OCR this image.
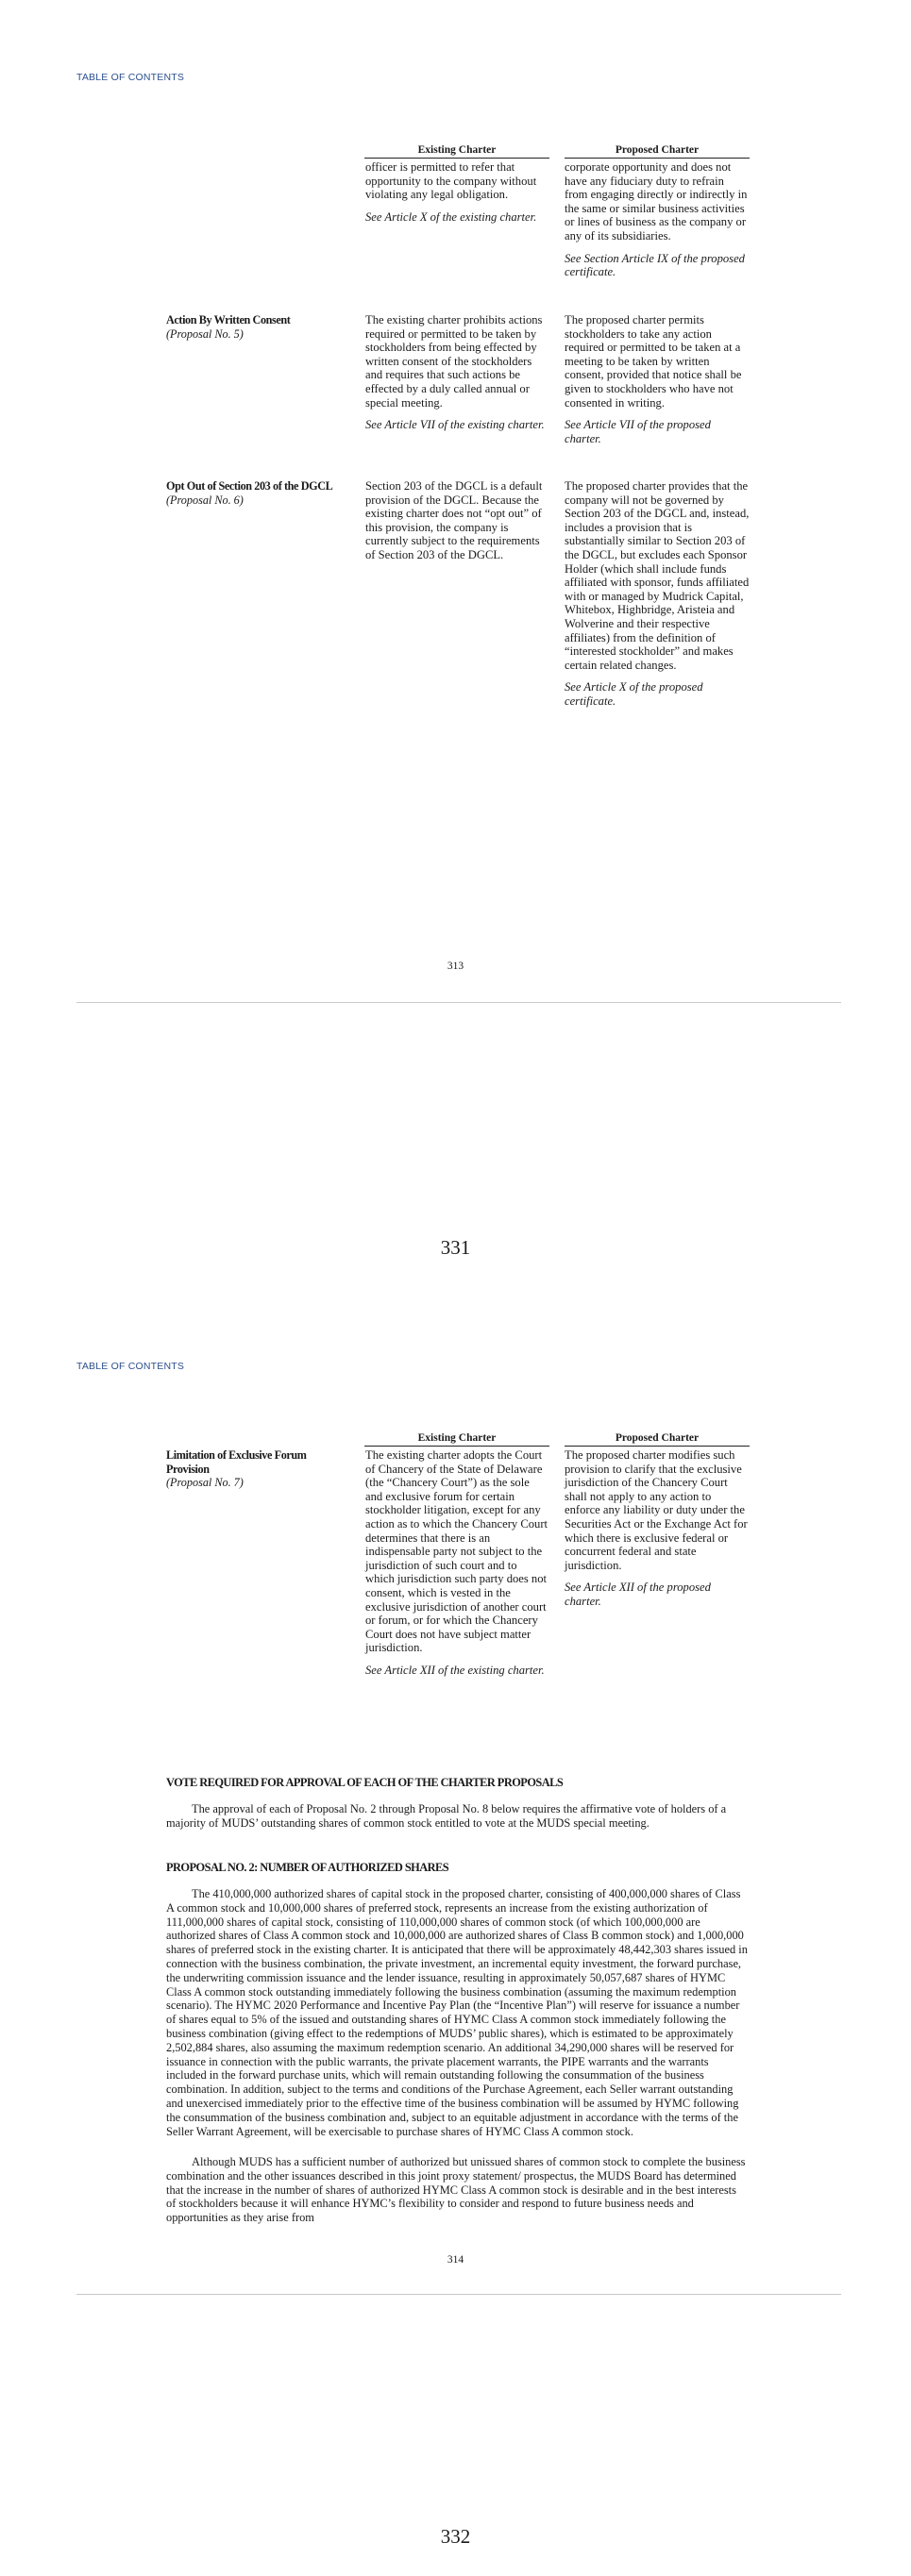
TABLE OF CONTENTS
Existing Charter	Proposed Charter

officer is permitted to refer that opportunity to the company without violating any legal obligation.

See Article X of the existing charter.

corporate opportunity and does not have any fiduciary duty to refrain from engaging directly or indirectly in the same or similar business activities or lines of business as the company or any of its subsidiaries.

See Section Article IX of the proposed certificate.

Action By Written Consent
(Proposal No. 5)

The existing charter prohibits actions required or permitted to be taken by stockholders from being effected by written consent of the stockholders and requires that such actions be effected by a duly called annual or special meeting.

See Article VII of the existing charter.

The proposed charter permits stockholders to take any action required or permitted to be taken at a meeting to be taken by written consent, provided that notice shall be given to stockholders who have not consented in writing.

See Article VII of the proposed charter.

Opt Out of Section 203 of the DGCL
(Proposal No. 6)

Section 203 of the DGCL is a default provision of the DGCL. Because the existing charter does not “opt out” of this provision, the company is currently subject to the requirements of Section 203 of the DGCL.

The proposed charter provides that the company will not be governed by Section 203 of the DGCL and, instead, includes a provision that is substantially similar to Section 203 of the DGCL, but excludes each Sponsor Holder (which shall include funds affiliated with sponsor, funds affiliated with or managed by Mudrick Capital, Whitebox, Highbridge, Aristeia and Wolverine and their respective affiliates) from the definition of “interested stockholder” and makes certain related changes.

See Article X of the proposed certificate.

313
331
TABLE OF CONTENTS
Existing Charter	Proposed Charter
Limitation of Exclusive Forum Provision
(Proposal No. 7)

The existing charter adopts the Court of Chancery of the State of Delaware (the “Chancery Court”) as the sole and exclusive forum for certain stockholder litigation, except for any action as to which the Chancery Court determines that there is an indispensable party not subject to the jurisdiction of such court and to which jurisdiction such party does not consent, which is vested in the exclusive jurisdiction of another court or forum, or for which the Chancery Court does not have subject matter jurisdiction.

See Article XII of the existing charter.

The proposed charter modifies such provision to clarify that the exclusive jurisdiction of the Chancery Court shall not apply to any action to enforce any liability or duty under the Securities Act or the Exchange Act for which there is exclusive federal or concurrent federal and state jurisdiction.

See Article XII of the proposed charter.

VOTE REQUIRED FOR APPROVAL OF EACH OF THE CHARTER PROPOSALS

The approval of each of Proposal No. 2 through Proposal No. 8 below requires the affirmative vote of holders of a majority of MUDS’ outstanding shares of common stock entitled to vote at the MUDS special meeting.

PROPOSAL NO. 2: NUMBER OF AUTHORIZED SHARES

The 410,000,000 authorized shares of capital stock in the proposed charter, consisting of 400,000,000 shares of Class A common stock and 10,000,000 shares of preferred stock, represents an increase from the existing authorization of 111,000,000 shares of capital stock, consisting of 110,000,000 shares of common stock (of which 100,000,000 are authorized shares of Class A common stock and 10,000,000 are authorized shares of Class B common stock) and 1,000,000 shares of preferred stock in the existing charter. It is anticipated that there will be approximately 48,442,303 shares issued in connection with the business combination, the private investment, an incremental equity investment, the forward purchase, the underwriting commission issuance and the lender issuance, resulting in approximately 50,057,687 shares of HYMC Class A common stock outstanding immediately following the business combination (assuming the maximum redemption scenario). The HYMC 2020 Performance and Incentive Pay Plan (the “Incentive Plan”) will reserve for issuance a number of shares equal to 5% of the issued and outstanding shares of HYMC Class A common stock immediately following the business combination (giving effect to the redemptions of MUDS’ public shares), which is estimated to be approximately 2,502,884 shares, also assuming the maximum redemption scenario. An additional 34,290,000 shares will be reserved for issuance in connection with the public warrants, the private placement warrants, the PIPE warrants and the warrants included in the forward purchase units, which will remain outstanding following the consummation of the business combination. In addition, subject to the terms and conditions of the Purchase Agreement, each Seller warrant outstanding and unexercised immediately prior to the effective time of the business combination will be assumed by HYMC following the consummation of the business combination and, subject to an equitable adjustment in accordance with the terms of the Seller Warrant Agreement, will be exercisable to purchase shares of HYMC Class A common stock.

Although MUDS has a sufficient number of authorized but unissued shares of common stock to complete the business combination and the other issuances described in this joint proxy statement/ prospectus, the MUDS Board has determined that the increase in the number of shares of authorized HYMC Class A common stock is desirable and in the best interests of stockholders because it will enhance HYMC’s flexibility to consider and respond to future business needs and opportunities as they arise from

314
332
